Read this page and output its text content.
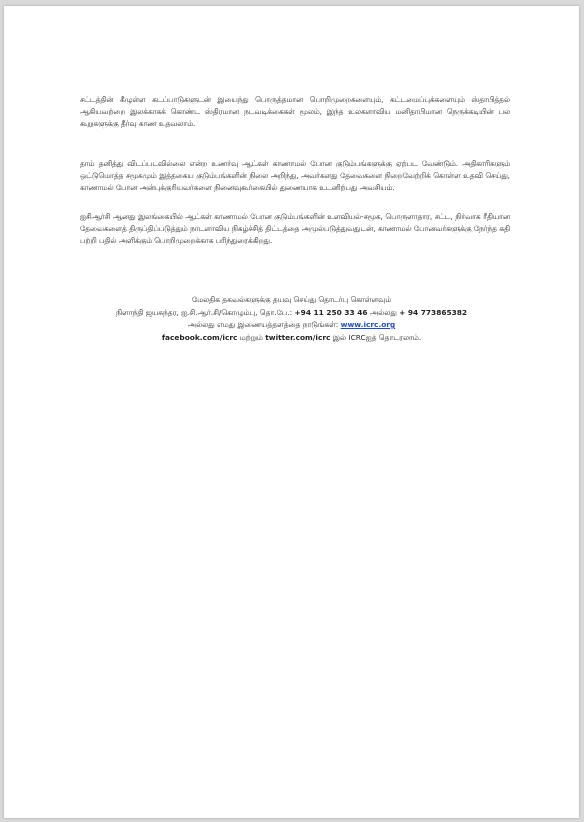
சட்டத்தின் கீழுள்ள கடப்பாடுகளுடன் இயைந்து பொருத்தமான பொறிமுறைகளையும், கட்டமைப்புக்களையும் ஸ்தாபித்தல் ஆகியவற்றை இலக்காகக் கொண்ட ஸ்திரமான நடவடிக்கைகள் மூலம், இந்த உலகளாவிய மனிதாபிமான நெருக்கடியின் பல கூறுகளுக்கு தீர்வு காண உதவலாம்.

தாம் தனித்து விடப்படவில்லை என்ற உணர்வு ஆட்கள் காணாமல் போன குடும்பங்களுக்கு ஏற்பட வேண்டும். அதிகாரிகளும் ஒட்டுமொத்த சமூகமும் இத்தகைய குடும்பங்களின் நிலை அறிந்து, அவர்களது தேவைகளை நிறைவேற்றிக் கொள்ள உதவி செய்து, காணாமல் போன அன்புக்குரியவர்களை நினைவுகூர்கையில் துணையாக உடனிற்பது அவசியம்.

ஐசிஆர்சி ஆனது இலங்கையில் ஆட்கள் காணாமல் போன குடும்பங்களின் உளவியல்-சமூக, பொருளாதார, சட்ட, நிர்வாக ரீதியான தேவைகளைத் திருப்திப்படுத்தும் நாடளாவிய நிகழ்ச்சித் திட்டத்தை அமுல்படுத்துவதுடன், காணாமல் போனவர்களுக்கு நேர்ந்த கதி பற்றி பதில் அளிக்கும் பொறிமுறைக்காக பரிந்துரைக்கிறது.

மேலதிக தகவல்களுக்கு தயவு செய்து தொடர்பு கொள்ளவும்
நிளாந்தி ஜயசுந்தர, ஐ.சி.ஆர்.சி/கொழும்பு, தொ.பே.: +94 11 250 33 46 அல்லது + 94 773865382
அல்லது எமது இணையத்தளத்தை நாடுங்கள்: www.icrc.org
facebook.com/icrc மற்றும் twitter.com/icrc இல் ICRCஐத் தொடரலாம்.
